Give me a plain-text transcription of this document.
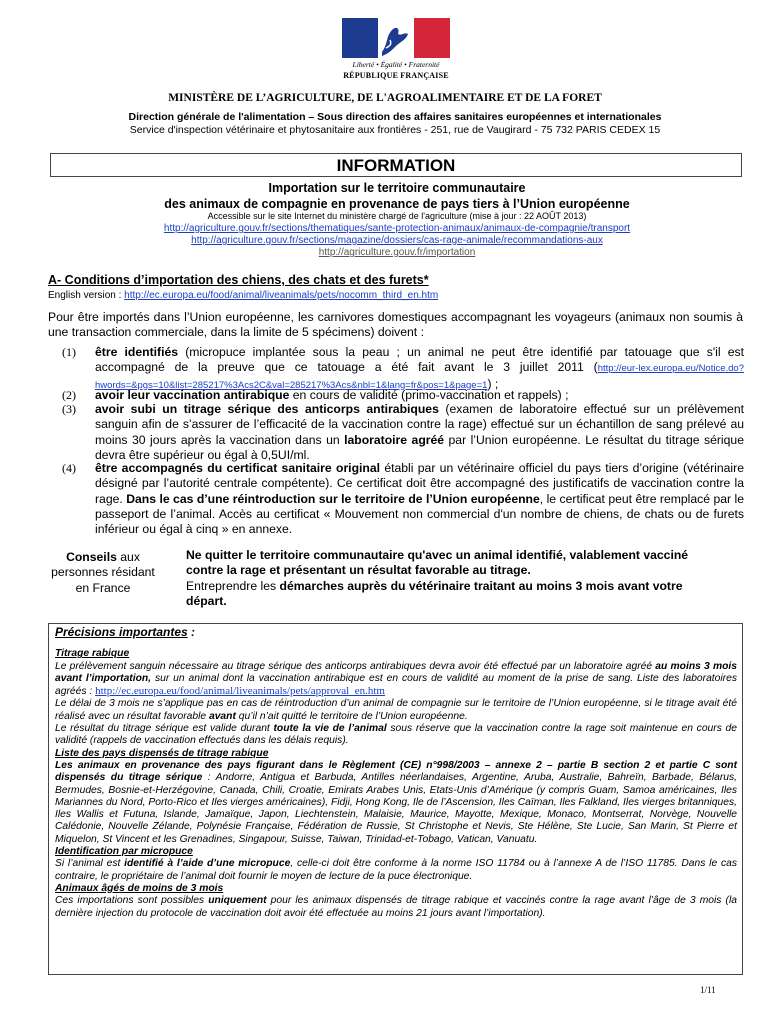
Liberté • Égalité • Fraternité
RÉPUBLIQUE FRANÇAISE
MINISTÈRE DE L’AGRICULTURE, DE L'AGROALIMENTAIRE ET DE LA FORET
Direction générale de l'alimentation – Sous direction des affaires sanitaires européennes et internationales
Service d'inspection vétérinaire et phytosanitaire aux frontières - 251, rue de Vaugirard - 75 732 PARIS CEDEX 15
INFORMATION
Importation sur le territoire communautaire
des animaux de compagnie en provenance de pays tiers à l’Union européenne
Accessible sur le site Internet du ministère chargé de l'agriculture (mise à jour : 22 AOÛT 2013)
http://agriculture.gouv.fr/sections/thematiques/sante-protection-animaux/animaux-de-compagnie/transport
http://agriculture.gouv.fr/sections/magazine/dossiers/cas-rage-animale/recommandations-aux
http://agriculture.gouv.fr/importation
A- Conditions d’importation des chiens, des chats et des furets*
English version : http://ec.europa.eu/food/animal/liveanimals/pets/nocomm_third_en.htm
Pour être importés dans l’Union européenne, les carnivores domestiques accompagnant les voyageurs (animaux non soumis à une transaction commerciale, dans la limite de 5 spécimens) doivent :
(1) être identifiés (micropuce implantée sous la peau ; un animal ne peut être identifié par tatouage que s'il est accompagné de la preuve que ce tatouage a été fait avant le 3 juillet 2011 (http://eur-lex.europa.eu/Notice.do?hwords=&pgs=10&list=285217%3Acs2C&val=285217%3Acs&nbl=1&lang=fr&pos=1&page=1) ;
(2) avoir leur vaccination antirabique en cours de validité (primo-vaccination et rappels) ;
(3) avoir subi un titrage sérique des anticorps antirabiques (examen de laboratoire effectué sur un prélèvement sanguin afin de s’assurer de l’efficacité de la vaccination contre la rage) effectué sur un échantillon de sang prélevé au moins 30 jours après la vaccination dans un laboratoire agréé par l’Union européenne. Le résultat du titrage sérique devra être supérieur ou égal à 0,5UI/ml.
(4) être accompagnés du certificat sanitaire original établi par un vétérinaire officiel du pays tiers d’origine (vétérinaire désigné par l’autorité centrale compétente). Ce certificat doit être accompagné des justificatifs de vaccination contre la rage. Dans le cas d’une réintroduction sur le territoire de l’Union européenne, le certificat peut être remplacé par le passeport de l’animal. Accès au certificat « Mouvement non commercial d'un nombre de chiens, de chats ou de furets inférieur ou égal à cinq » en annexe.
Conseils aux personnes résidant en France
Ne quitter le territoire communautaire qu'avec un animal identifié, valablement vacciné contre la rage et présentant un résultat favorable au titrage.
Entreprendre les démarches auprès du vétérinaire traitant au moins 3 mois avant votre départ.

Précisions importantes :

Titrage rabique

Le prélèvement sanguin nécessaire au titrage sérique des anticorps antirabiques devra avoir été effectué par un laboratoire agréé au moins 3 mois avant l’importation, sur un animal dont la vaccination antirabique est en cours de validité au moment de la prise de sang. Liste des laboratoires agréés : http://ec.europa.eu/food/animal/liveanimals/pets/approval_en.htm

Le délai de 3 mois ne s’applique pas en cas de réintroduction d’un animal de compagnie sur le territoire de l’Union européenne, si le titrage avait été réalisé avec un résultat favorable avant qu’il n’ait quitté le territoire de l’Union européenne.

Le résultat du titrage sérique est valide durant toute la vie de l’animal sous réserve que la vaccination contre la rage soit maintenue en cours de validité (rappels de vaccination effectués dans les délais requis).

Liste des pays dispensés de titrage rabique

Les animaux en provenance des pays figurant dans le Règlement (CE) n°998/2003 – annexe 2 – partie B section 2 et partie C sont dispensés du titrage sérique : Andorre, Antigua et Barbuda, Antilles néerlandaises, Argentine, Aruba, Australie, Bahreïn, Barbade, Bélarus, Bermudes, Bosnie-et-Herzégovine, Canada, Chili, Croatie, Emirats Arabes Unis, Etats-Unis d’Amérique (y compris Guam, Samoa américaines, Iles Mariannes du Nord, Porto-Rico et Iles vierges américaines), Fidji, Hong Kong, Ile de l’Ascension, Iles Caïman, Iles Falkland, Iles vierges britanniques, Iles Wallis et Futuna, Islande, Jamaïque, Japon, Liechtenstein, Malaisie, Maurice, Mayotte, Mexique, Monaco, Montserrat, Norvège, Nouvelle Calédonie, Nouvelle Zélande, Polynésie Française, Fédération de Russie, St Christophe et Nevis, Ste Hélène, Ste Lucie, San Marin, St Pierre et Miquelon, St Vincent et les Grenadines, Singapour, Suisse, Taiwan, Trinidad-et-Tobago, Vatican, Vanuatu.

Identification par micropuce

Si l’animal est identifié à l’aide d’une micropuce, celle-ci doit être conforme à la norme ISO 11784 ou à l’annexe A de l’ISO 11785. Dans le cas contraire, le propriétaire de l’animal doit fournir le moyen de lecture de la puce électronique.

Animaux âgés de moins de 3 mois

Ces importations sont possibles uniquement pour les animaux dispensés de titrage rabique et vaccinés contre la rage avant l’âge de 3 mois (la dernière injection du protocole de vaccination doit avoir été effectuée au moins 21 jours avant l’importation).

1/11
